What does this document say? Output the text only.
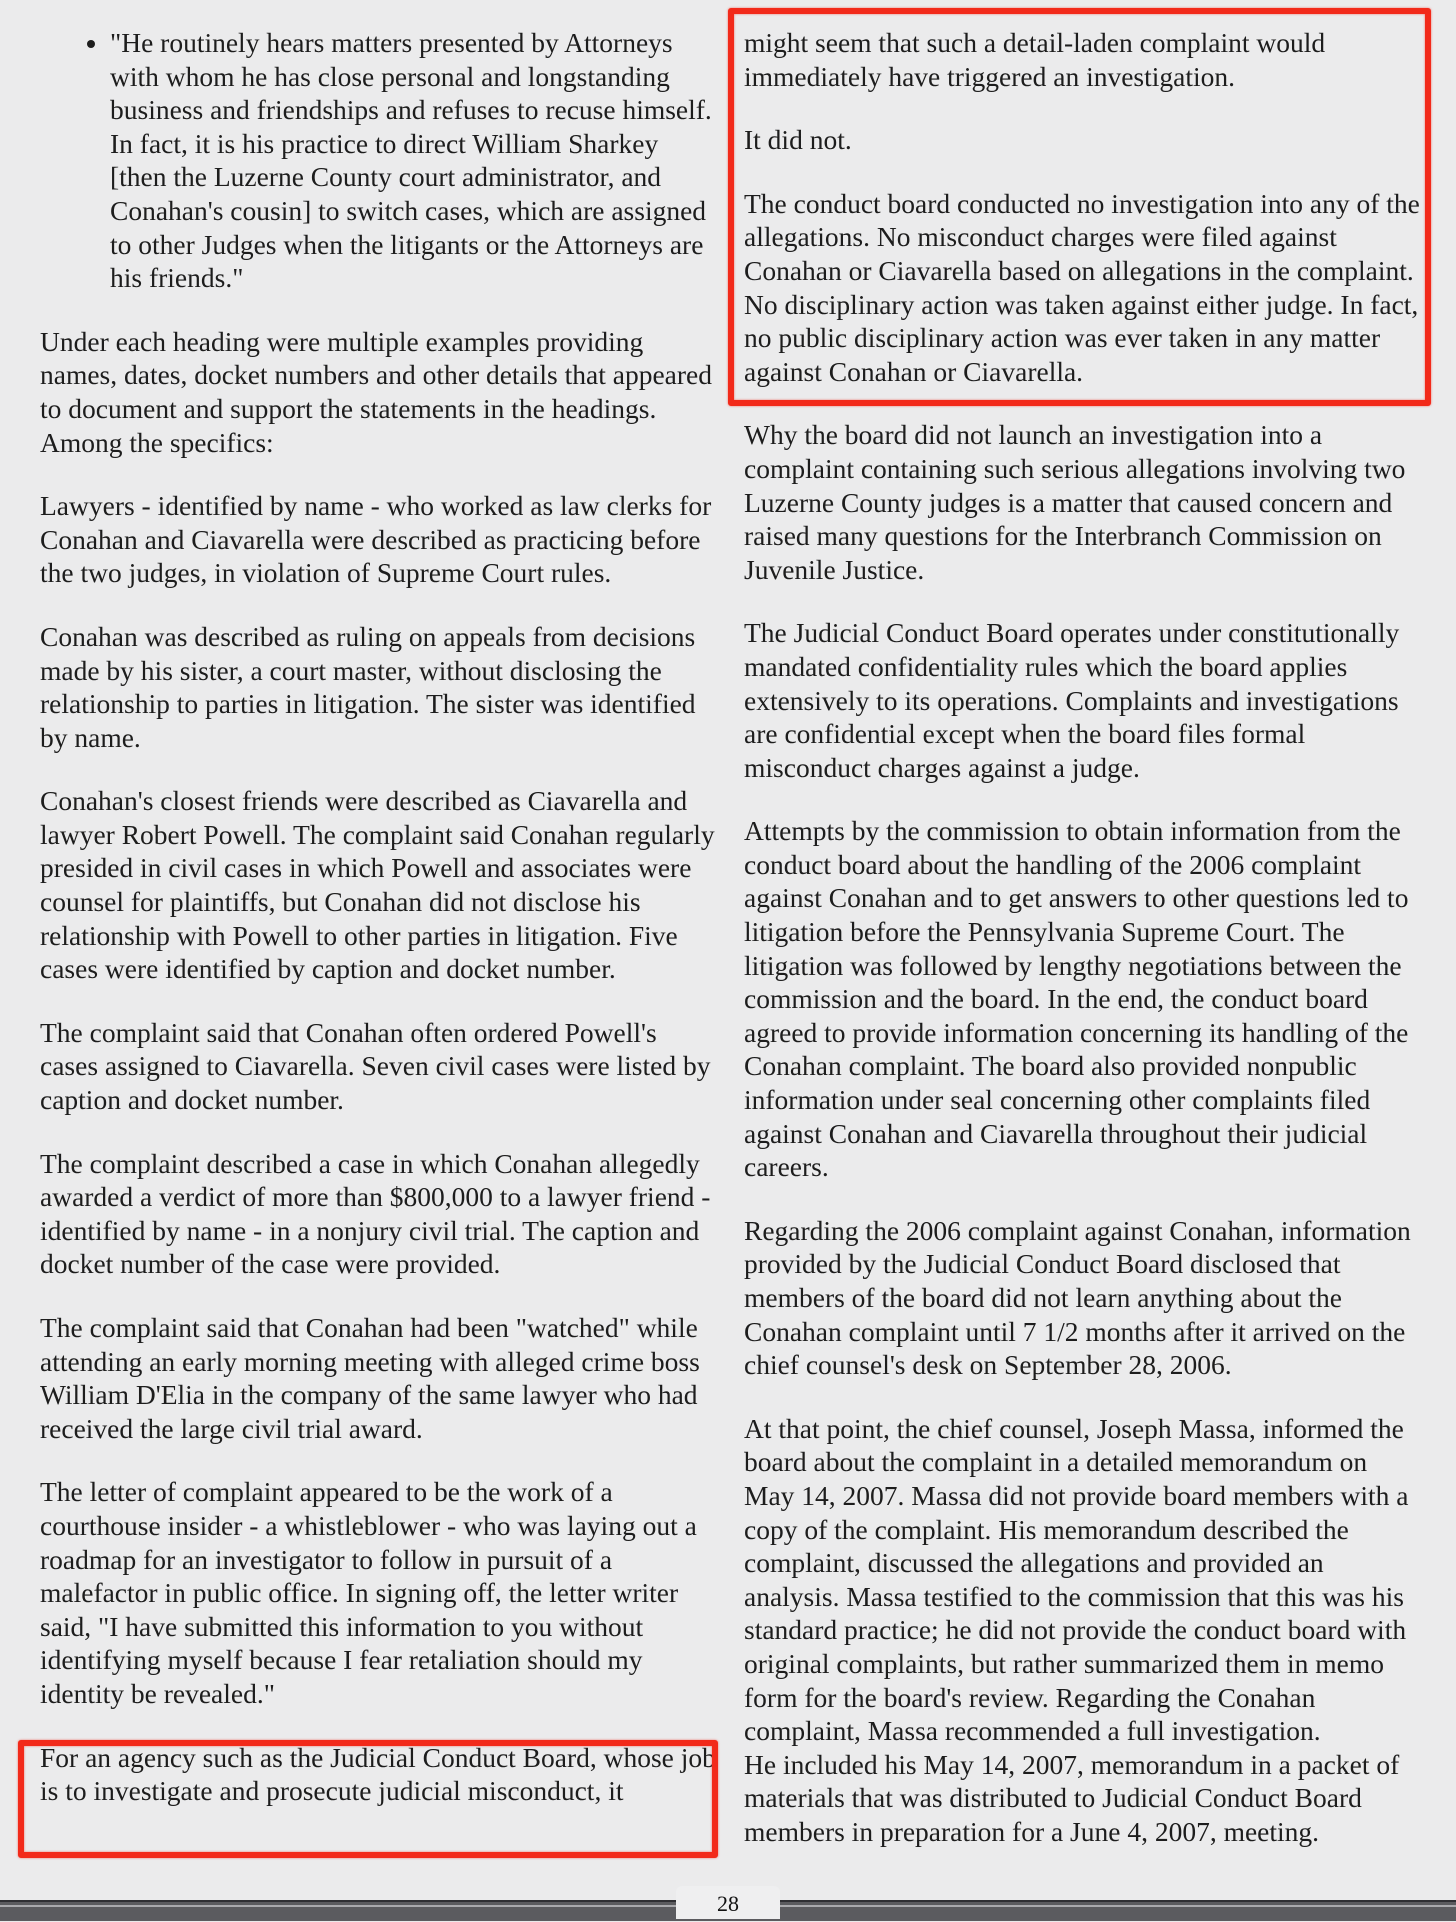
• "He routinely hears matters presented by Attorneys with whom he has close personal and longstanding business and friendships and refuses to recuse himself. In fact, it is his practice to direct William Sharkey [then the Luzerne County court administrator, and Conahan's cousin] to switch cases, which are assigned to other Judges when the litigants or the Attorneys are his friends."

Under each heading were multiple examples providing names, dates, docket numbers and other details that appeared to document and support the statements in the headings. Among the specifics:

Lawyers - identified by name - who worked as law clerks for Conahan and Ciavarella were described as practicing before the two judges, in violation of Supreme Court rules.

Conahan was described as ruling on appeals from decisions made by his sister, a court master, without disclosing the relationship to parties in litigation. The sister was identified by name.

Conahan's closest friends were described as Ciavarella and lawyer Robert Powell. The complaint said Conahan regularly presided in civil cases in which Powell and associates were counsel for plaintiffs, but Conahan did not disclose his relationship with Powell to other parties in litigation. Five cases were identified by caption and docket number.

The complaint said that Conahan often ordered Powell's cases assigned to Ciavarella. Seven civil cases were listed by caption and docket number.

The complaint described a case in which Conahan allegedly awarded a verdict of more than $800,000 to a lawyer friend - identified by name - in a nonjury civil trial. The caption and docket number of the case were provided.

The complaint said that Conahan had been "watched" while attending an early morning meeting with alleged crime boss William D'Elia in the company of the same lawyer who had received the large civil trial award.

The letter of complaint appeared to be the work of a courthouse insider - a whistleblower - who was laying out a roadmap for an investigator to follow in pursuit of a malefactor in public office. In signing off, the letter writer said, "I have submitted this information to you without identifying myself because I fear retaliation should my identity be revealed."

For an agency such as the Judicial Conduct Board, whose job is to investigate and prosecute judicial misconduct, it

might seem that such a detail-laden complaint would immediately have triggered an investigation.

It did not.

The conduct board conducted no investigation into any of the allegations. No misconduct charges were filed against Conahan or Ciavarella based on allegations in the complaint. No disciplinary action was taken against either judge. In fact, no public disciplinary action was ever taken in any matter against Conahan or Ciavarella.

Why the board did not launch an investigation into a complaint containing such serious allegations involving two Luzerne County judges is a matter that caused concern and raised many questions for the Interbranch Commission on Juvenile Justice.

The Judicial Conduct Board operates under constitutionally mandated confidentiality rules which the board applies extensively to its operations. Complaints and investigations are confidential except when the board files formal misconduct charges against a judge.

Attempts by the commission to obtain information from the conduct board about the handling of the 2006 complaint against Conahan and to get answers to other questions led to litigation before the Pennsylvania Supreme Court. The litigation was followed by lengthy negotiations between the commission and the board. In the end, the conduct board agreed to provide information concerning its handling of the Conahan complaint. The board also provided nonpublic information under seal concerning other complaints filed against Conahan and Ciavarella throughout their judicial careers.

Regarding the 2006 complaint against Conahan, information provided by the Judicial Conduct Board disclosed that members of the board did not learn anything about the Conahan complaint until 7 1/2 months after it arrived on the chief counsel's desk on September 28, 2006.

At that point, the chief counsel, Joseph Massa, informed the board about the complaint in a detailed memorandum on May 14, 2007. Massa did not provide board members with a copy of the complaint. His memorandum described the complaint, discussed the allegations and provided an analysis. Massa testified to the commission that this was his standard practice; he did not provide the conduct board with original complaints, but rather summarized them in memo form for the board's review. Regarding the Conahan complaint, Massa recommended a full investigation.

He included his May 14, 2007, memorandum in a packet of materials that was distributed to Judicial Conduct Board members in preparation for a June 4, 2007, meeting.

28
